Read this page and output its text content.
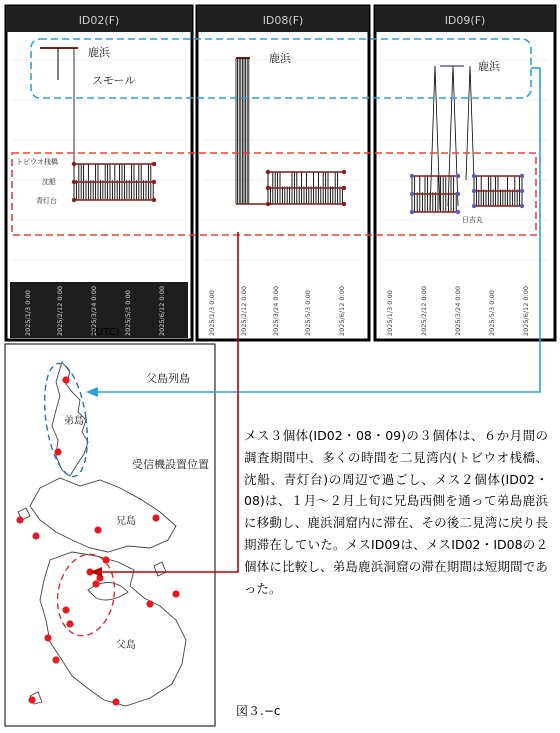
ID02(F)	ID08(F)	ID09(F)
鹿浜
スモール
トビウオ桟橋
沈船
青灯台
鹿浜
鹿浜
日吉丸
2025/1/3 0:00	2025/2/12 0:00	2025/3/24 0:00	2025/5/3 0:00	2025/6/12 0:00	2025/1/3 0:00	2025/2/12 0:00	2025/3/24 0:00	2025/5/3 0:00	2025/6/12 0:00	2025/1/3 0:00	2025/2/12 0:00	2025/3/24 0:00	2025/5/3 0:00	2025/6/12 0:00
父島列島
弟島
受信機設置位置
兄島
父島
(UTC)
メス３個体(ID02・08・09)の３個体は、６か月間の調査期間中、多くの時間を二見湾内(トビウオ桟橋、沈船、青灯台)の周辺で過ごし、メス２個体(ID02・08)は、１月～２月上旬に兄島西側を通って弟島鹿浜に移動し、鹿浜洞窟内に滞在、その後二見湾に戻り長期滞在していた。メスID09は、メスID02・ID08の２個体に比較し、弟島鹿浜洞窟の滞在期間は短期間であった。
図３.−c
